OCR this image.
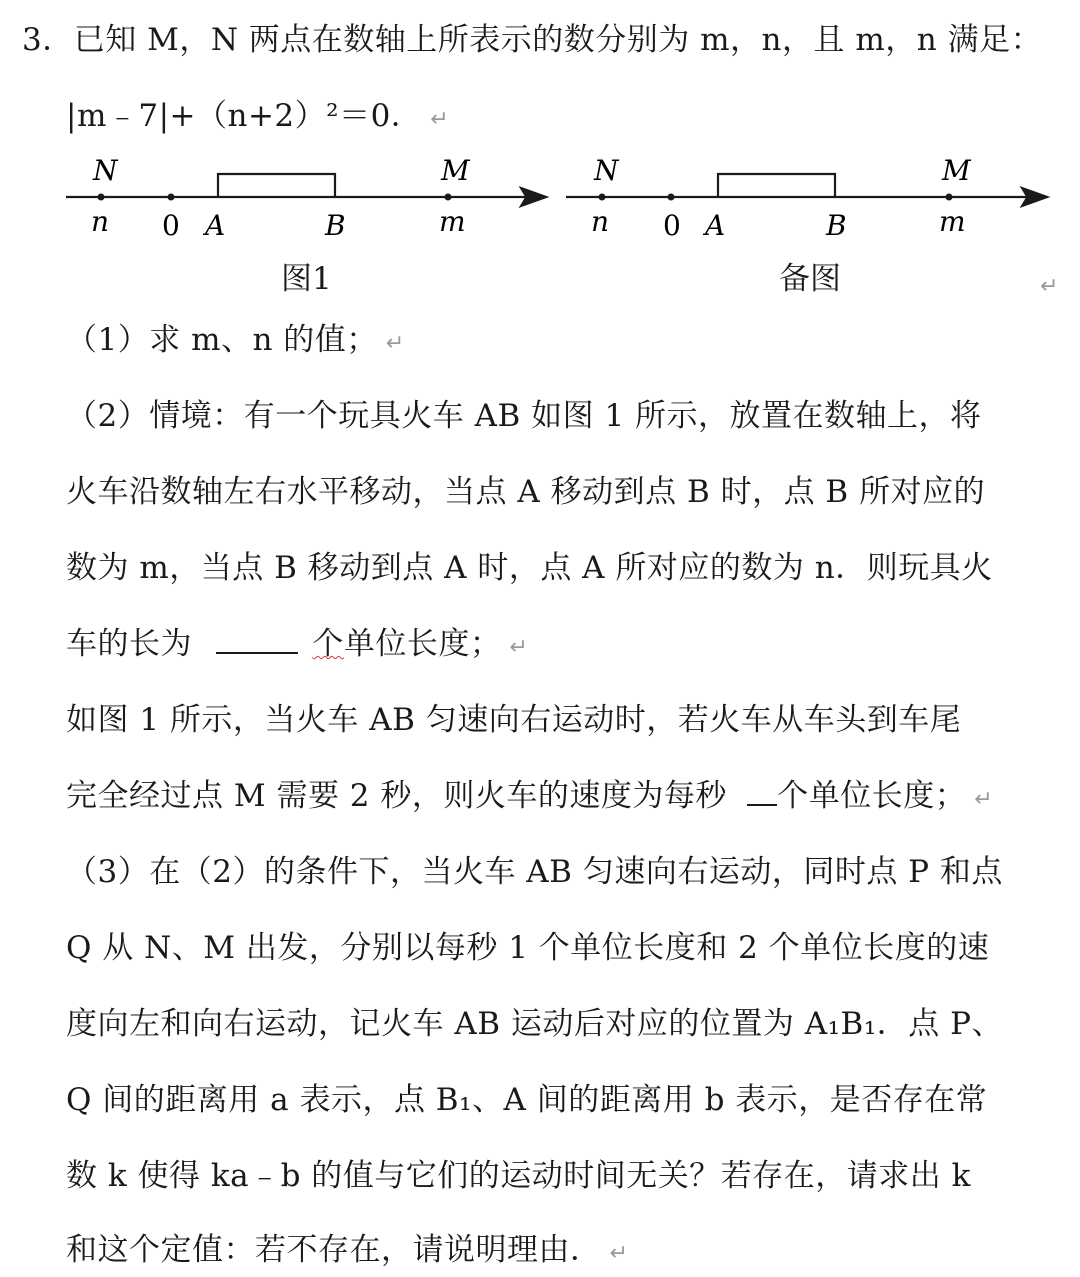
3．已知 M，N 两点在数轴上所表示的数分别为 m，n，且 m，n 满足：
|m﹣7|+（n+2）²＝0． ↵
N	M
n 0 A	B	m
N	M
n 0 A	B	m
图1	备图	↵
（1）求 m、n 的值； ↵
（2）情境：有一个玩具火车 AB 如图 1 所示，放置在数轴上，将
火车沿数轴左右水平移动，当点 A 移动到点 B 时，点 B 所对应的
数为 m，当点 B 移动到点 A 时，点 A 所对应的数为 n．则玩具火
车的长为	个单位长度； ↵
如图 1 所示，当火车 AB 匀速向右运动时，若火车从车头到车尾
完全经过点 M 需要 2 秒，则火车的速度为每秒 个单位长度； ↵
（3）在（2）的条件下，当火车 AB 匀速向右运动，同时点 P 和点
Q 从 N、M 出发，分别以每秒 1 个单位长度和 2 个单位长度的速
度向左和向右运动，记火车 AB 运动后对应的位置为 A₁B₁．点 P、
Q 间的距离用 a 表示，点 B₁、A 间的距离用 b 表示，是否存在常
数 k 使得 ka﹣b 的值与它们的运动时间无关？若存在，请求出 k
和这个定值：若不存在，请说明理由． ↵
